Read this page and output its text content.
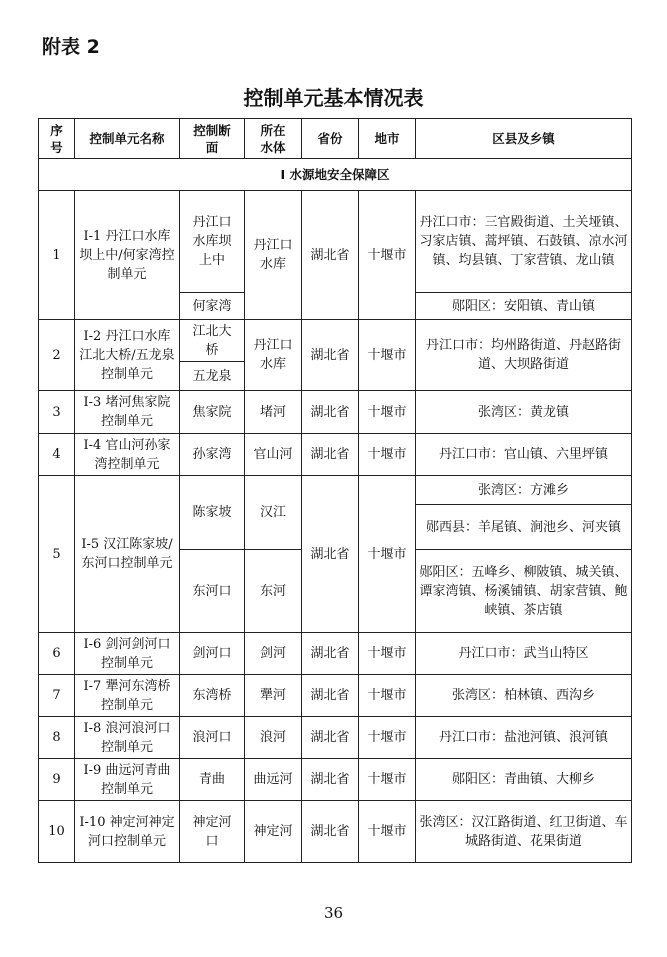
附表 2
控制单元基本情况表
序号	控制单元名称	控制断面	所在水体	省份	地市	区县及乡镇
Ⅰ 水源地安全保障区						
1	Ⅰ-1 丹江口水库坝上中/何家湾控制单元	丹江口水库坝上中	丹江口水库	湖北省	十堰市	丹江口市：三官殿街道、土关垭镇、习家店镇、蒿坪镇、石鼓镇、凉水河镇、均县镇、丁家营镇、龙山镇
		何家湾				郧阳区：安阳镇、青山镇
2	Ⅰ-2 丹江口水库江北大桥/五龙泉控制单元	江北大桥	丹江口水库	湖北省	十堰市	丹江口市：均州路街道、丹赵路街道、大坝路街道
		五龙泉				
3	Ⅰ-3 堵河焦家院控制单元	焦家院	堵河	湖北省	十堰市	张湾区：黄龙镇
4	Ⅰ-4 官山河孙家湾控制单元	孙家湾	官山河	湖北省	十堰市	丹江口市：官山镇、六里坪镇
5	Ⅰ-5 汉江陈家坡/东河口控制单元	陈家坡	汉江	湖北省	十堰市	张湾区：方滩乡
						郧西县：羊尾镇、涧池乡、河夹镇
		东河口	东河			郧阳区：五峰乡、柳陂镇、城关镇、谭家湾镇、杨溪铺镇、胡家营镇、鲍峡镇、茶店镇
6	Ⅰ-6 剑河剑河口控制单元	剑河口	剑河	湖北省	十堰市	丹江口市：武当山特区
7	Ⅰ-7 犟河东湾桥控制单元	东湾桥	犟河	湖北省	十堰市	张湾区：柏林镇、西沟乡
8	Ⅰ-8 浪河浪河口控制单元	浪河口	浪河	湖北省	十堰市	丹江口市：盐池河镇、浪河镇
9	Ⅰ-9 曲远河青曲控制单元	青曲	曲远河	湖北省	十堰市	郧阳区：青曲镇、大柳乡
10	Ⅰ-10 神定河神定河口控制单元	神定河口	神定河	湖北省	十堰市	张湾区：汉江路街道、红卫街道、车城路街道、花果街道
36
